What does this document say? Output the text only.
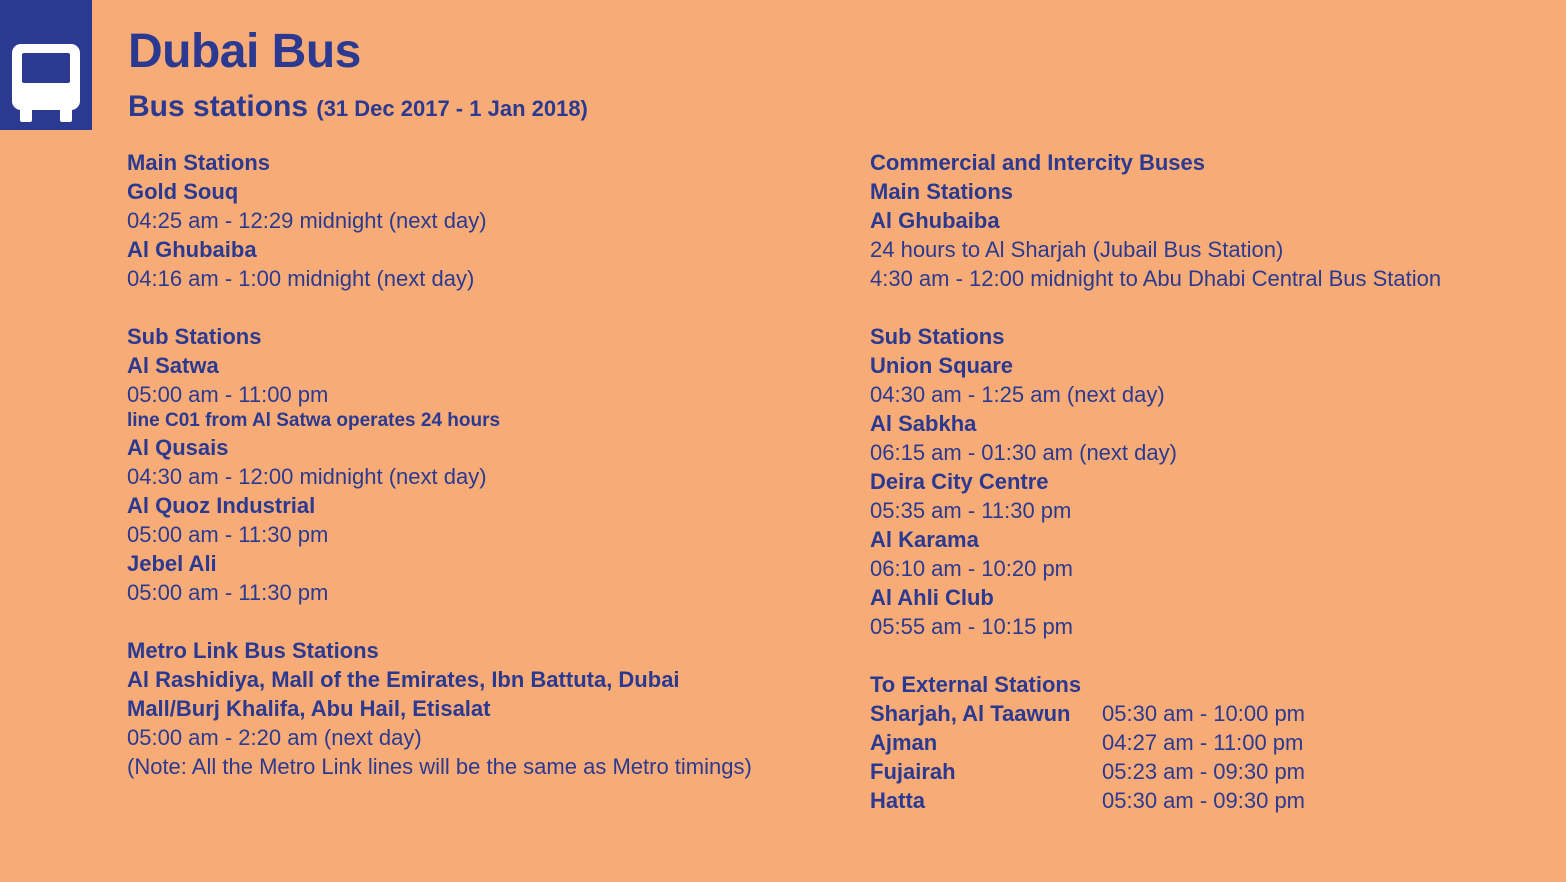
Dubai Bus
Bus stations (31 Dec 2017 - 1 Jan 2018)
Main Stations
Gold Souq
04:25 am - 12:29 midnight (next day)
Al Ghubaiba
04:16 am - 1:00 midnight (next day)
Sub Stations
Al Satwa
05:00 am - 11:00 pm
line C01 from Al Satwa operates 24 hours
Al Qusais
04:30 am - 12:00 midnight (next day)
Al Quoz Industrial
05:00 am - 11:30 pm
Jebel Ali
05:00 am - 11:30 pm
Metro Link Bus Stations
Al Rashidiya, Mall of the Emirates, Ibn Battuta, Dubai
Mall/Burj Khalifa, Abu Hail, Etisalat
05:00 am - 2:20 am (next day)
(Note: All the Metro Link lines will be the same as Metro timings)
Commercial and Intercity Buses
Main Stations
Al Ghubaiba
24 hours to Al Sharjah (Jubail Bus Station)
4:30 am - 12:00 midnight to Abu Dhabi Central Bus Station
Sub Stations
Union Square
04:30 am - 1:25 am (next day)
Al Sabkha
06:15 am - 01:30 am (next day)
Deira City Centre
05:35 am - 11:30 pm
Al Karama
06:10 am - 10:20 pm
Al Ahli Club
05:55 am - 10:15 pm
To External Stations
Sharjah, Al Taawun	05:30 am - 10:00 pm
Ajman	04:27 am - 11:00 pm
Fujairah	05:23 am - 09:30 pm
Hatta	05:30 am - 09:30 pm
